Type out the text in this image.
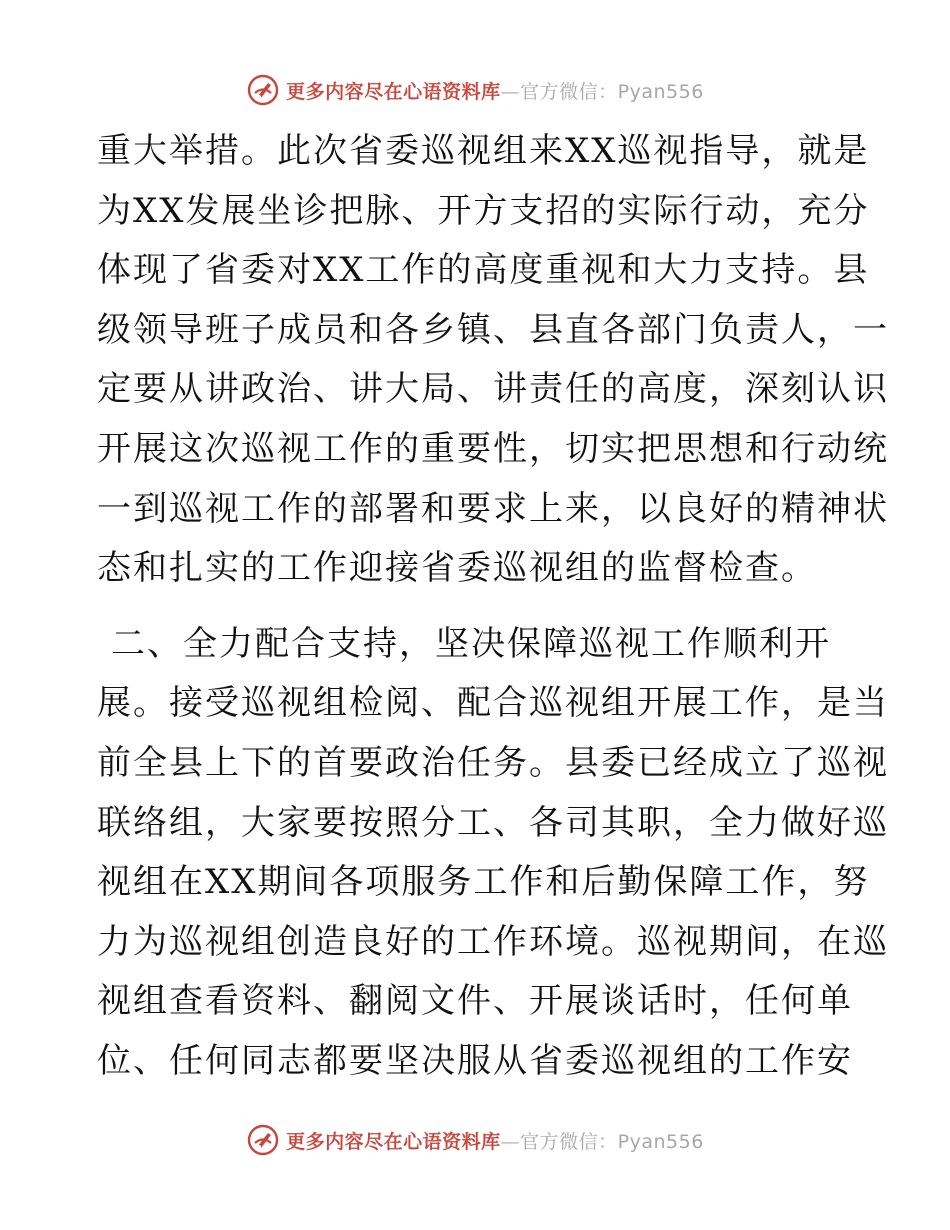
更多内容尽在心语资料库—官方微信：Pyan556
重大举措。此次省委巡视组来XX巡视指导，就是
为XX发展坐诊把脉、开方支招的实际行动，充分
体现了省委对XX工作的高度重视和大力支持。县
级领导班子成员和各乡镇、县直各部门负责人，一
定要从讲政治、讲大局、讲责任的高度，深刻认识
开展这次巡视工作的重要性，切实把思想和行动统
一到巡视工作的部署和要求上来，以良好的精神状
态和扎实的工作迎接省委巡视组的监督检查。
二、全力配合支持，坚决保障巡视工作顺利开
展。接受巡视组检阅、配合巡视组开展工作，是当
前全县上下的首要政治任务。县委已经成立了巡视
联络组，大家要按照分工、各司其职，全力做好巡
视组在XX期间各项服务工作和后勤保障工作，努
力为巡视组创造良好的工作环境。巡视期间，在巡
视组查看资料、翻阅文件、开展谈话时，任何单
位、任何同志都要坚决服从省委巡视组的工作安
更多内容尽在心语资料库—官方微信：Pyan556
